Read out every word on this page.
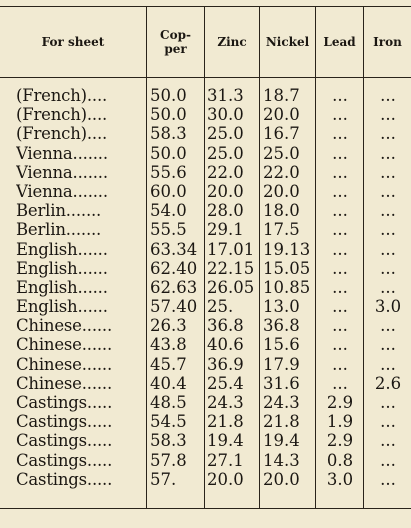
For sheet	Cop-
per	Zinc	Nickel	Lead	Iron
(French)....	50.0	31.3	18.7	...	...
(French)....	50.0	30.0	20.0	...	...
(French)....	58.3	25.0	16.7	...	...
Vienna.......	50.0	25.0	25.0	...	...
Vienna.......	55.6	22.0	22.0	...	...
Vienna.......	60.0	20.0	20.0	...	...
Berlin.......	54.0	28.0	18.0	...	...
Berlin.......	55.5	29.1	17.5	...	...
English......	63.34 17.01 19.13	...	...
English......	62.40 22.15 15.05	...	...
English......	62.63 26.05 10.85	...	...
English......	57.40 25.	13.0	...	3.0
Chinese......	26.3	36.8	36.8	...	...
Chinese......	43.8	40.6	15.6	...	...
Chinese......	45.7	36.9	17.9	...	...
Chinese......	40.4	25.4	31.6	...	2.6
Castings.....	48.5	24.3	24.3	2.9	...
Castings.....	54.5	21.8	21.8	1.9	...
Castings.....	58.3	19.4	19.4	2.9	...
Castings.....	57.8	27.1	14.3	0.8	...
Castings.....	57.	20.0	20.0	3.0	...
